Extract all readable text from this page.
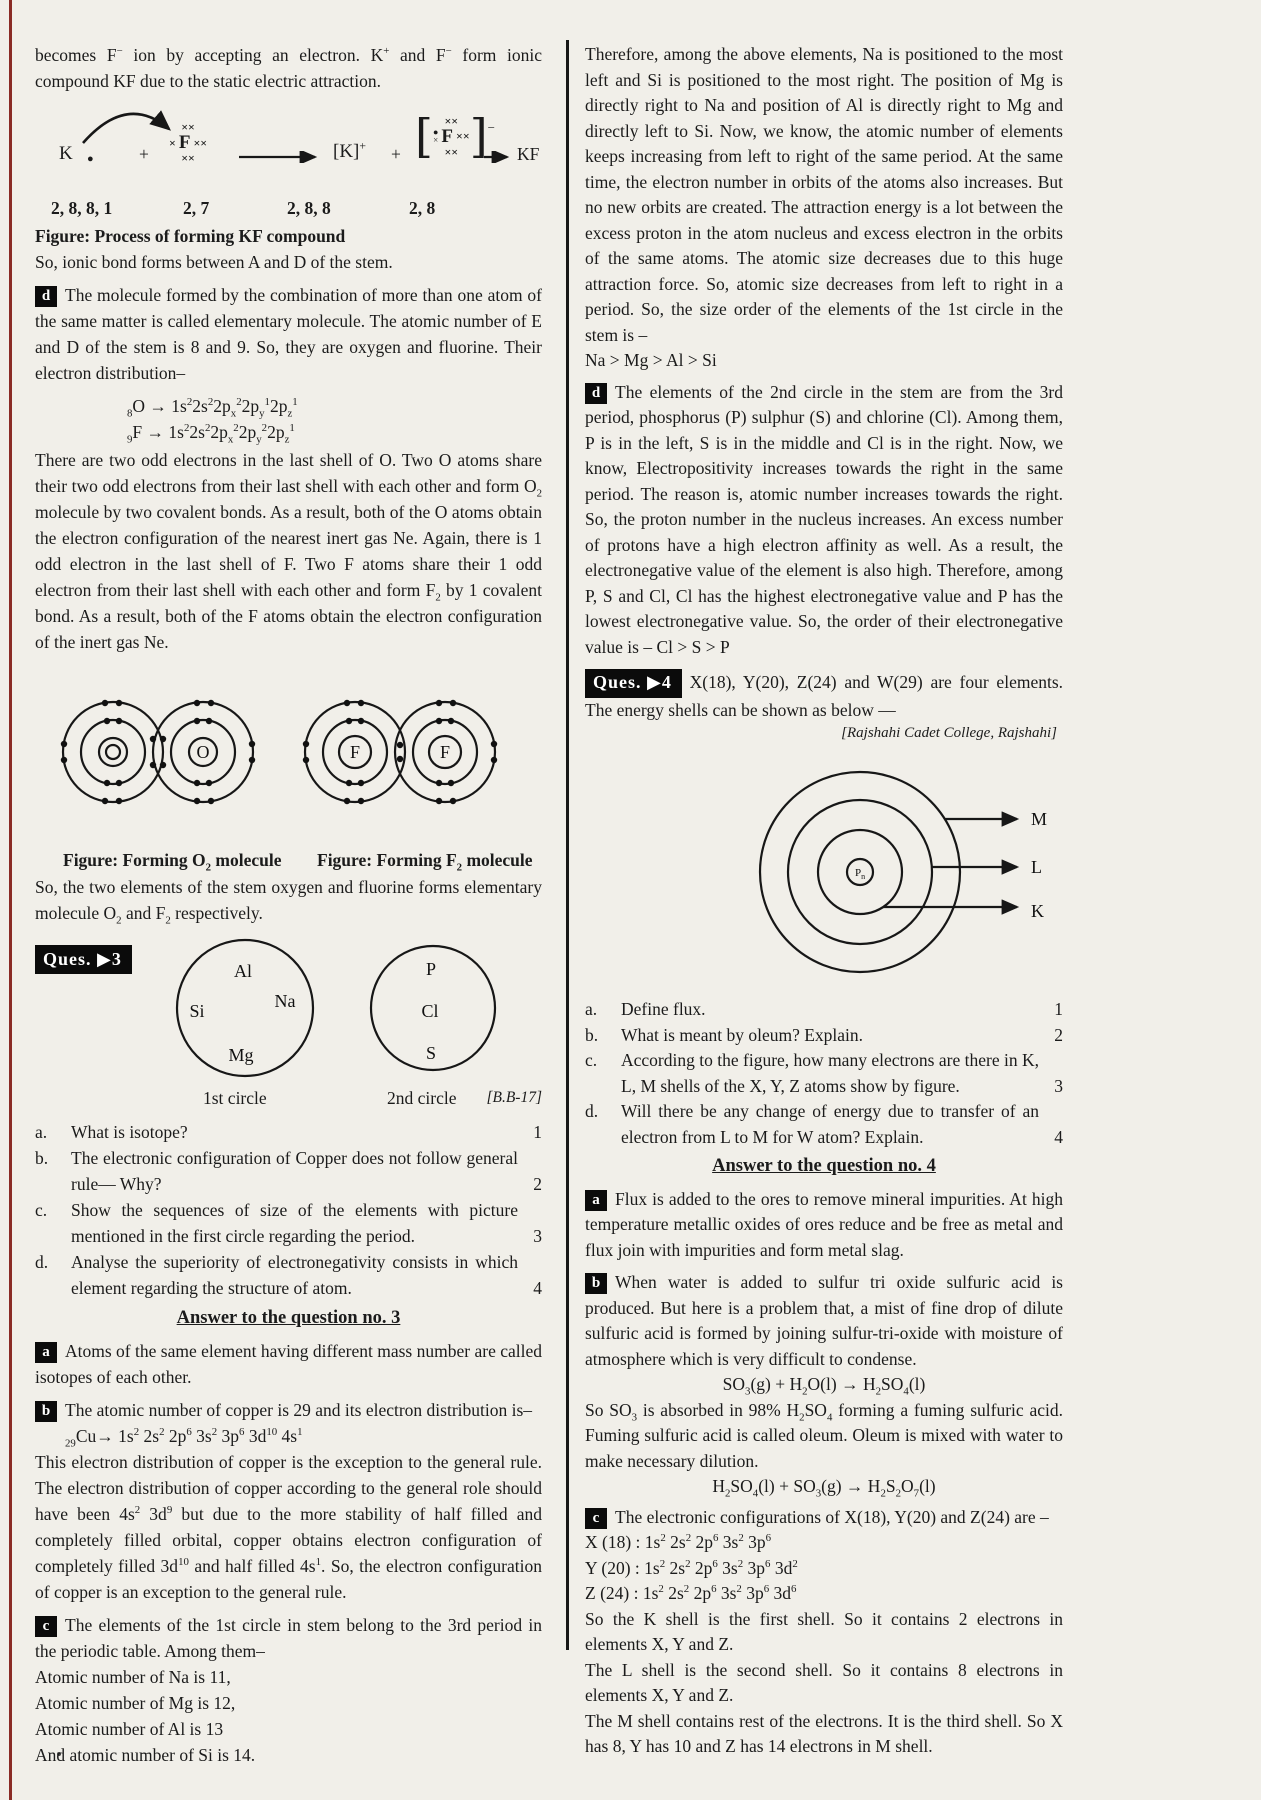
becomes F− ion by accepting an electron. K+ and F− form ionic compound KF due to the static electric attraction.

K ●	+
××
× F ××
××	[K]+ + [ ××
●
× F ××
×× ] −
→ KF
2, 8, 8, 1	2, 7	2, 8, 8	2, 8
Figure: Process of forming KF compound
So, ionic bond forms between A and D of the stem.

d The molecule formed by the combination of more than one atom of the same matter is called elementary molecule. The atomic number of E and D of the stem is 8 and 9. So, they are oxygen and fluorine. Their electron distribution–

$_8O \to 1s^22s^22p_x^22p_y^12p_z^1$
$_9F \to 1s^22s^22p_x^22p_y^22p_z^1$

There are two odd electrons in the last shell of O. Two O atoms share their two odd electrons from their last shell with each other and form $O_2$ molecule by two covalent bonds. As a result, both of the O atoms obtain the electron configuration of the nearest inert gas Ne. Again, there is 1 odd electron in the last shell of F. Two F atoms share their 1 odd electron from their last shell with each other and form $F_2$ by 1 covalent bond. As a result, both of the F atoms obtain the electron configuration of the inert gas Ne.

O	F	F
Figure: Forming $O_2$ molecule Figure: Forming $F_2$ molecule

So, the two elements of the stem oxygen and fluorine forms elementary molecule $O_2$ and $F_2$ respectively.

Ques. ▶3
Al
Si	Na
Mg
P
Cl
S
1st circle	2nd circle [B.B-17]
a.	What is isotope?	1
b.	The electronic configuration of Copper does not follow general rule— Why?	2
c.	Show the sequences of size of the elements with picture mentioned in the first circle regarding the period.	3
d.	Analyse the superiority of electronegativity consists in which element regarding the structure of atom.	4
Answer to the question no. 3

a Atoms of the same element having different mass number are called isotopes of each other.

b The atomic number of copper is 29 and its electron distribution is–

$_{29}Cu\to 1s^2$ $2s^2$ $2p^6$ $3s^2$ $3p^6$ $3d^{10}$ $4s^1$

This electron distribution of copper is the exception to the general rule. The electron distribution of copper according to the general role should have been $4s^2$ $3d^9$ but due to the more stability of half filled and completely filled orbital, copper obtains electron configuration of completely filled $3d^{10}$ and half filled $4s^1$. So, the electron configuration of copper is an exception to the general rule.

c The elements of the 1st circle in stem belong to the 3rd period in the periodic table. Among them–

Atomic number of Na is 11,
Atomic number of Mg is 12,
Atomic number of Al is 13
And atomic number of Si is 14.

Therefore, among the above elements, Na is positioned to the most left and Si is positioned to the most right. The position of Mg is directly right to Na and position of Al is directly right to Mg and directly left to Si. Now, we know, the atomic number of elements keeps increasing from left to right of the same period. At the same time, the electron number in orbits of the atoms also increases. But no new orbits are created. The attraction energy is a lot between the excess proton in the atom nucleus and excess electron in the orbits of the same atoms. The atomic size decreases due to this huge attraction force. So, atomic size decreases from left to right in a period. So, the size order of the elements of the 1st circle in the stem is –

Na > Mg > Al > Si

d The elements of the 2nd circle in the stem are from the 3rd period, phosphorus (P) sulphur (S) and chlorine (Cl). Among them, P is in the left, S is in the middle and Cl is in the right. Now, we know, Electropositivity increases towards the right in the same period. The reason is, atomic number increases towards the right. So, the proton number in the nucleus increases. An excess number of protons have a high electron affinity as well. As a result, the electronegative value of the element is also high. Therefore, among P, S and Cl, Cl has the highest electronegative value and P has the lowest electronegative value. So, the order of their electronegative value is – Cl > S > P

Ques. ▶4 X(18), Y(20), Z(24) and W(29) are four elements. The energy shells can be shown as below —

[Rajshahi Cadet College, Rajshahi]
$P_n$
M
L
K
a.	Define flux.	1
b.	What is meant by oleum? Explain.	2
c.	According to the figure, how many electrons are there in K, L, M shells of the X, Y, Z atoms show by figure.	3
d.	Will there be any change of energy due to transfer of an electron from L to M for W atom? Explain.	4
Answer to the question no. 4

a Flux is added to the ores to remove mineral impurities. At high temperature metallic oxides of ores reduce and be free as metal and flux join with impurities and form metal slag.

b When water is added to sulfur tri oxide sulfuric acid is produced. But here is a problem that, a mist of fine drop of dilute sulfuric acid is formed by joining sulfur-tri-oxide with moisture of atmosphere which is very difficult to condense.

$SO_3(g) + H_2O(l) \to H_2SO_4(l)$

So $SO_3$ is absorbed in 98% $H_2SO_4$ forming a fuming sulfuric acid. Fuming sulfuric acid is called oleum. Oleum is mixed with water to make necessary dilution.

$H_2SO_4(l) + SO_3(g) \to H_2S_2O_7(l)$

c The electronic configurations of X(18), Y(20) and Z(24) are –

X (18) : $1s^2$ $2s^2$ $2p^6$ $3s^2$ $3p^6$
Y (20) : $1s^2$ $2s^2$ $2p^6$ $3s^2$ $3p^6$ $3d^2$
Z (24) : $1s^2$ $2s^2$ $2p^6$ $3s^2$ $3p^6$ $3d^6$
So the K shell is the first shell. So it contains 2 electrons in elements X, Y and Z.
The L shell is the second shell. So it contains 8 electrons in elements X, Y and Z.
The M shell contains rest of the electrons. It is the third shell. So X has 8, Y has 10 and Z has 14 electrons in M shell.
